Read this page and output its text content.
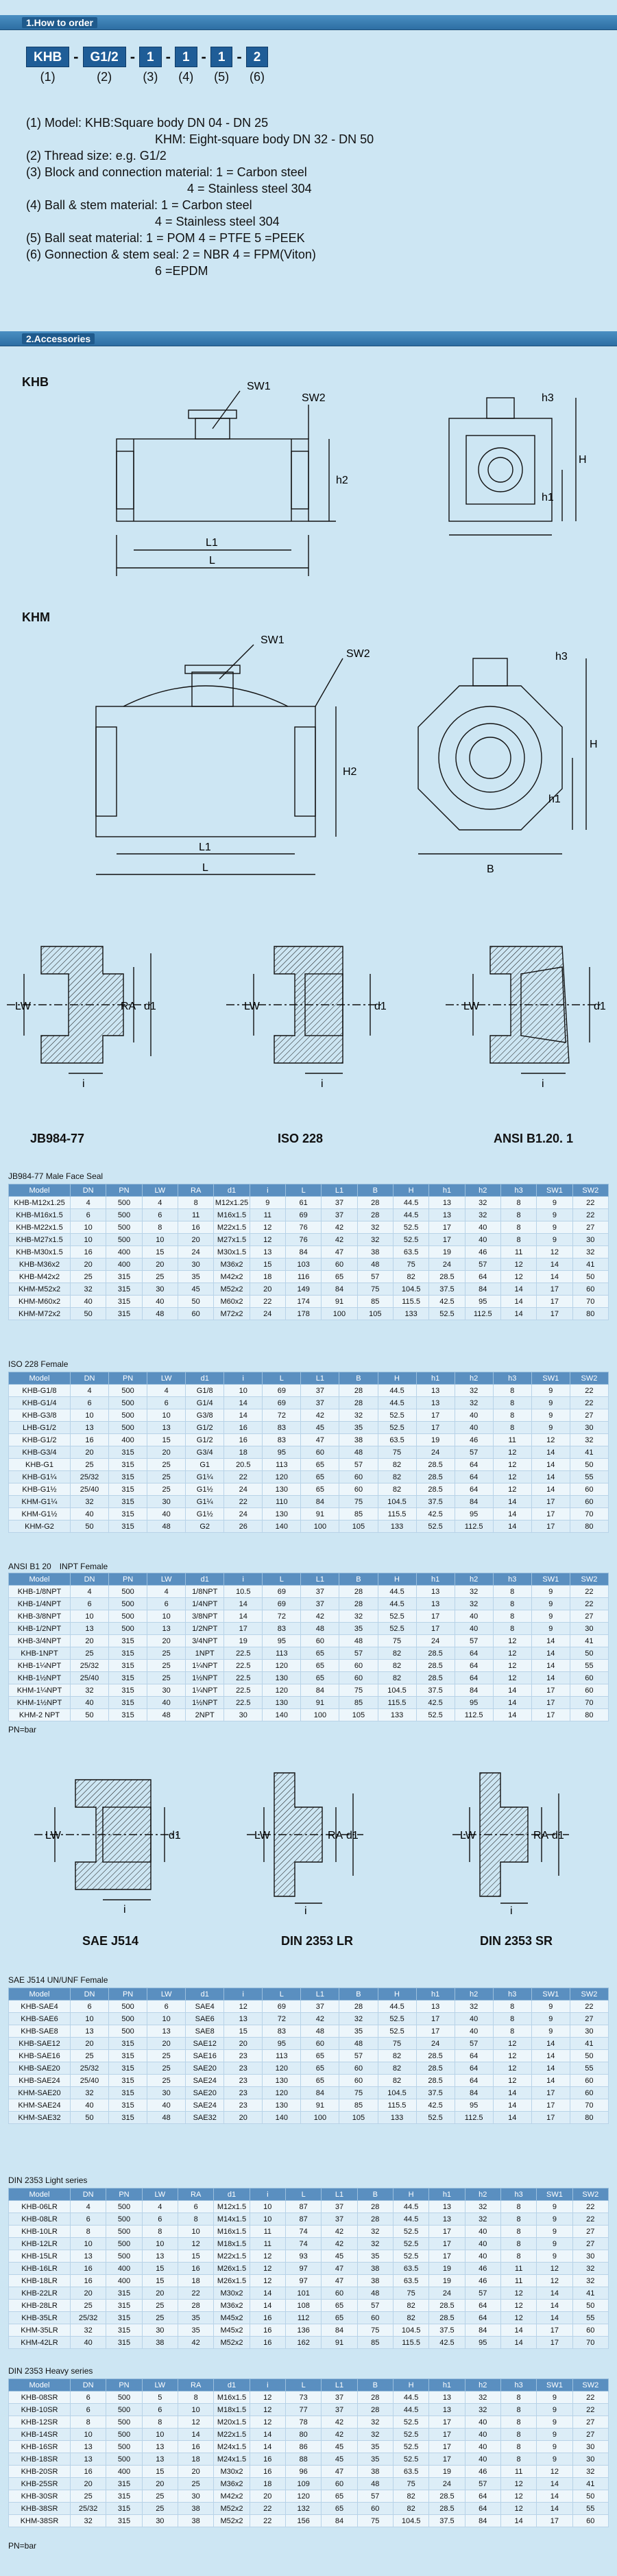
1.How to order
KHB
(1)
- G1/2
(2)
- 1
(3)
- 1
(4)
- 1
(5)
- 2
(6)
(1) Model: KHB:Square body DN 04 - DN 25
KHM: Eight-square body DN 32 - DN 50
(2) Thread size: e.g. G1/2
(3) Block and connection material: 1 = Carbon steel
4 = Stainless steel 304
(4) Ball & stem material: 1 = Carbon steel
4 = Stainless steel 304
(5) Ball seat material: 1 = POM 4 = PTFE 5 =PEEK
(6) Gonnection & stem seal: 2 = NBR 4 = FPM(Viton)
6 =EPDM
2.Accessories
KHB	SW1
SW2
h2
L1
L
h3
H
h1
KHM
SW1
SW2
H2
L1
L
h3
H
h1
B
LW	RA d1
i
LW	d1
i
LW	d1
i
JB984-77	ISO 228	ANSI B1.20. 1
JB984-77 Male Face Seal
Model	DN	PN	LW	RA	d1	i	L	L1	B	H	h1	h2	h3	SW1	SW2
KHB-M12x1.25	4	500	4	8	M12x1.25	9	61	37	28	44.5	13	32	8	9	22
KHB-M16x1.5	6	500	6	11	M16x1.5	11	69	37	28	44.5	13	32	8	9	22
KHB-M22x1.5	10	500	8	16	M22x1.5	12	76	42	32	52.5	17	40	8	9	27
KHB-M27x1.5	10	500	10	20	M27x1.5	12	76	42	32	52.5	17	40	8	9	30
KHB-M30x1.5	16	400	15	24	M30x1.5	13	84	47	38	63.5	19	46	11	12	32
KHB-M36x2	20	400	20	30	M36x2	15	103	60	48	75	24	57	12	14	41
KHB-M42x2	25	315	25	35	M42x2	18	116	65	57	82	28.5	64	12	14	50
KHM-M52x2	32	315	30	45	M52x2	20	149	84	75	104.5	37.5	84	14	17	60
KHM-M60x2	40	315	40	50	M60x2	22	174	91	85	115.5	42.5	95	14	17	70
KHM-M72x2	50	315	48	60	M72x2	24	178	100	105	133	52.5	112.5	14	17	80
ISO 228 Female
Model	DN	PN	LW	d1	i	L	L1	B	H	h1	h2	h3	SW1	SW2
KHB-G1/8	4	500	4	G1/8	10	69	37	28	44.5	13	32	8	9	22
KHB-G1/4	6	500	6	G1/4	14	69	37	28	44.5	13	32	8	9	22
KHB-G3/8	10	500	10	G3/8	14	72	42	32	52.5	17	40	8	9	27
LHB-G1/2	13	500	13	G1/2	16	83	45	35	52.5	17	40	8	9	30
KHB-G1/2	16	400	15	G1/2	16	83	47	38	63.5	19	46	11	12	32
KHB-G3/4	20	315	20	G3/4	18	95	60	48	75	24	57	12	14	41
KHB-G1	25	315	25	G1	20.5	113	65	57	82	28.5	64	12	14	50
KHB-G1¼	25/32	315	25	G1¼	22	120	65	60	82	28.5	64	12	14	55
KHB-G1½	25/40	315	25	G1½	24	130	65	60	82	28.5	64	12	14	60
KHM-G1¼	32	315	30	G1¼	22	110	84	75	104.5	37.5	84	14	17	60
KHM-G1½	40	315	40	G1½	24	130	91	85	115.5	42.5	95	14	17	70
KHM-G2	50	315	48	G2	26	140	100	105	133	52.5	112.5	14	17	80
ANSI B1 20　INPT Female
Model	DN	PN	LW	d1	i	L	L1	B	H	h1	h2	h3	SW1	SW2
KHB-1/8NPT	4	500	4	1/8NPT	10.5	69	37	28	44.5	13	32	8	9	22
KHB-1/4NPT	6	500	6	1/4NPT	14	69	37	28	44.5	13	32	8	9	22
KHB-3/8NPT	10	500	10	3/8NPT	14	72	42	32	52.5	17	40	8	9	27
KHB-1/2NPT	13	500	13	1/2NPT	17	83	48	35	52.5	17	40	8	9	30
KHB-3/4NPT	20	315	20	3/4NPT	19	95	60	48	75	24	57	12	14	41
KHB-1NPT	25	315	25	1NPT	22.5	113	65	57	82	28.5	64	12	14	50
KHB-1¼NPT	25/32	315	25	1¼NPT	22.5	120	65	60	82	28.5	64	12	14	55
KHB-1½NPT	25/40	315	25	1½NPT	22.5	130	65	60	82	28.5	64	12	14	60
KHM-1¼NPT	32	315	30	1¼NPT	22.5	120	84	75	104.5	37.5	84	14	17	60
KHM-1½NPT	40	315	40	1½NPT	22.5	130	91	85	115.5	42.5	95	14	17	70
KHM-2 NPT	50	315	48	2NPT	30	140	100	105	133	52.5	112.5	14	17	80
PN=bar
LW	d1
i
LW	RA d1
i
LW	RA d1
i
SAE J514	DIN 2353 LR	DIN 2353 SR
SAE J514 UN/UNF Female
Model	DN	PN	LW	d1	i	L	L1	B	H	h1	h2	h3	SW1	SW2
KHB-SAE4	6	500	6	SAE4	12	69	37	28	44.5	13	32	8	9	22
KHB-SAE6	10	500	10	SAE6	13	72	42	32	52.5	17	40	8	9	27
KHB-SAE8	13	500	13	SAE8	15	83	48	35	52.5	17	40	8	9	30
KHB-SAE12	20	315	20	SAE12	20	95	60	48	75	24	57	12	14	41
KHB-SAE16	25	315	25	SAE16	23	113	65	57	82	28.5	64	12	14	50
KHB-SAE20	25/32	315	25	SAE20	23	120	65	60	82	28.5	64	12	14	55
KHB-SAE24	25/40	315	25	SAE24	23	130	65	60	82	28.5	64	12	14	60
KHM-SAE20	32	315	30	SAE20	23	120	84	75	104.5	37.5	84	14	17	60
KHM-SAE24	40	315	40	SAE24	23	130	91	85	115.5	42.5	95	14	17	70
KHM-SAE32	50	315	48	SAE32	20	140	100	105	133	52.5	112.5	14	17	80
DIN 2353 Light series
Model	DN	PN	LW	RA	d1	i	L	L1	B	H	h1	h2	h3	SW1	SW2
KHB-06LR	4	500	4	6	M12x1.5	10	87	37	28	44.5	13	32	8	9	22
KHB-08LR	6	500	6	8	M14x1.5	10	87	37	28	44.5	13	32	8	9	22
KHB-10LR	8	500	8	10	M16x1.5	11	74	42	32	52.5	17	40	8	9	27
KHB-12LR	10	500	10	12	M18x1.5	11	74	42	32	52.5	17	40	8	9	27
KHB-15LR	13	500	13	15	M22x1.5	12	93	45	35	52.5	17	40	8	9	30
KHB-16LR	16	400	15	16	M26x1.5	12	97	47	38	63.5	19	46	11	12	32
KHB-18LR	16	400	15	18	M26x1.5	12	97	47	38	63.5	19	46	11	12	32
KHB-22LR	20	315	20	22	M30x2	14	101	60	48	75	24	57	12	14	41
KHB-28LR	25	315	25	28	M36x2	14	108	65	57	82	28.5	64	12	14	50
KHB-35LR	25/32	315	25	35	M45x2	16	112	65	60	82	28.5	64	12	14	55
KHM-35LR	32	315	30	35	M45x2	16	136	84	75	104.5	37.5	84	14	17	60
KHM-42LR	40	315	38	42	M52x2	16	162	91	85	115.5	42.5	95	14	17	70
DIN 2353 Heavy series
Model	DN	PN	LW	RA	d1	i	L	L1	B	H	h1	h2	h3	SW1	SW2
KHB-08SR	6	500	5	8	M16x1.5	12	73	37	28	44.5	13	32	8	9	22
KHB-10SR	6	500	6	10	M18x1.5	12	77	37	28	44.5	13	32	8	9	22
KHB-12SR	8	500	8	12	M20x1.5	12	78	42	32	52.5	17	40	8	9	27
KHB-14SR	10	500	10	14	M22x1.5	14	80	42	32	52.5	17	40	8	9	27
KHB-16SR	13	500	13	16	M24x1.5	14	86	45	35	52.5	17	40	8	9	30
KHB-18SR	13	500	13	18	M24x1.5	16	88	45	35	52.5	17	40	8	9	30
KHB-20SR	16	400	15	20	M30x2	16	96	47	38	63.5	19	46	11	12	32
KHB-25SR	20	315	20	25	M36x2	18	109	60	48	75	24	57	12	14	41
KHB-30SR	25	315	25	30	M42x2	20	120	65	57	82	28.5	64	12	14	50
KHB-38SR	25/32	315	25	38	M52x2	22	132	65	60	82	28.5	64	12	14	55
KHM-38SR	32	315	30	38	M52x2	22	156	84	75	104.5	37.5	84	14	17	60
PN=bar
